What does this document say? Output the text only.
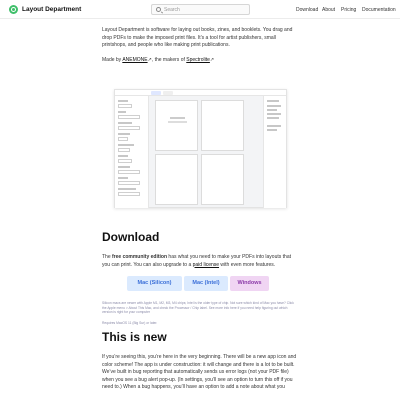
Layout Department
Search	Download About Pricing Documentation

Layout Department is software for laying out books, zines, and booklets. You drag and drop PDFs to make the imposed print files. It’s a tool for artist publishers, small printshops, and people who like making print publications.

Made by ANEMONE↗, the makers of Spectrolite↗

Download

The free community edition has what you need to make your PDFs into layouts that you can print. You can also upgrade to a paid license with even more features.

Mac (Silicon)	Mac (Intel)	Windows

Silicon macs are newer with Apple M1, M2, M3, M4 chips; Intel is the older type of chip. Not sure which kind of Mac you have? Click the Apple menu > About This Mac, and check the Processor / Chip label. See more info here if you need help figuring out which version is right for your computer

Requires MacOS 11 (Big Sur) or later.

This is new

If you’re seeing this, you’re here in the very beginning. There will be a new app icon and color scheme! The app is under construction: it will change and there is a lot to be built. We’ve built in bug reporting that automatically sends us error logs (not your PDF file) when you see a bug alert pop-up. (In settings, you’ll see an option to turn this off if you need to.) When a bug happens, you’ll have an option to add a note about what you
